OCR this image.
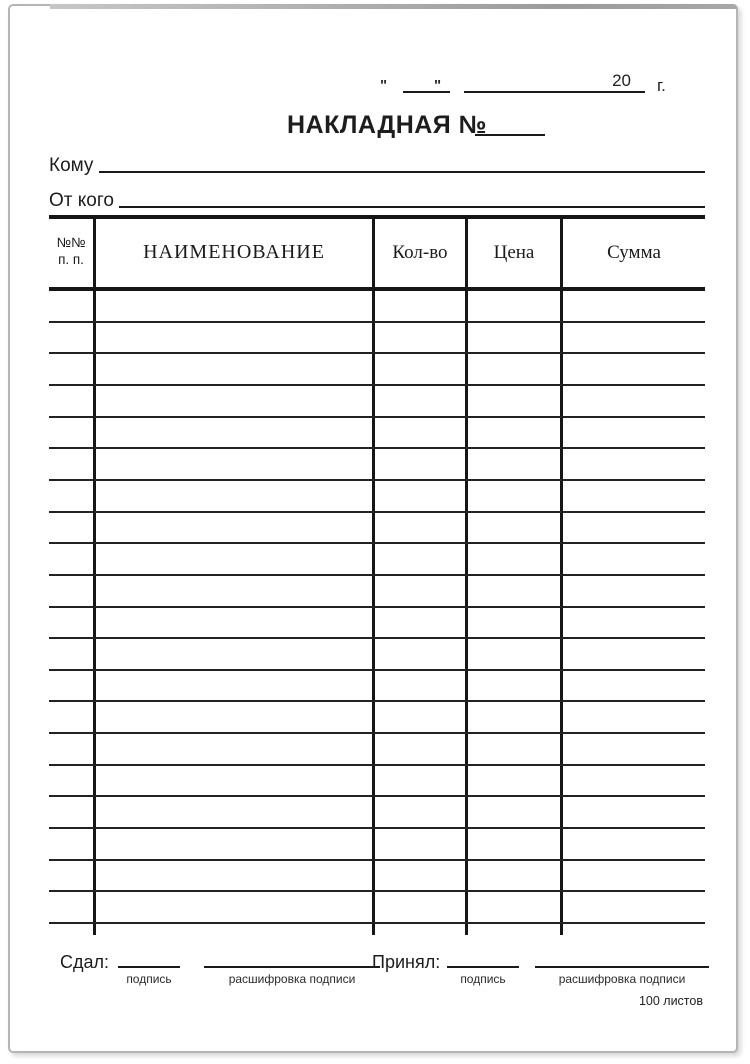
"	"	20 г.
НАКЛАДНАЯ №
Кому
От кого
№№
п. п.	НАИМЕНОВАНИЕ	Кол-во	Цена	Сумма
Сдал:	Принял:
подпись	расшифровка подписи	подпись	расшифровка подписи
100 листов
